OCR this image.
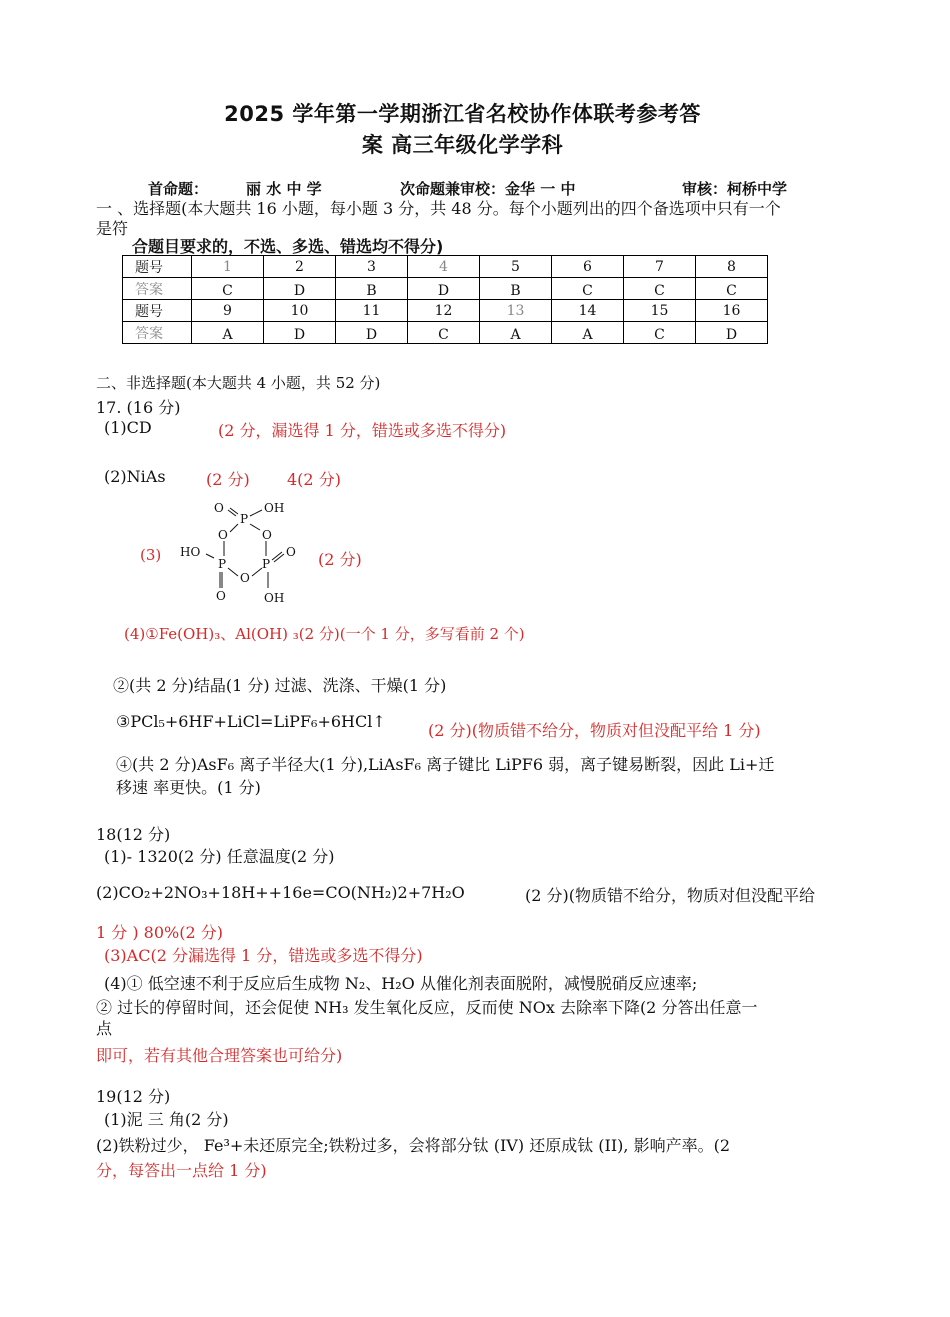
2025 学年第一学期浙江省名校协作体联考参考答
案 高三年级化学学科
首命题：	丽 水 中 学	次命题兼审校：金华 一 中	审核：柯桥中学
一 、选择题(本大题共 16 小题，每小题 3 分，共 48 分。每个小题列出的四个备选项中只有一个
是符
合题目要求的，不选、多选、错选均不得分)
题号	1	2	3	4	5	6	7	8
答案	C	D	B	D	B	C	C	C
题号	9	10	11	12	13	14	15	16
答案	A	D	D	C	A	A	C	D
二、非选择题(本大题共 4 小题，共 52 分)
17. (16 分)
(1)CD	(2 分，漏选得 1 分，错选或多选不得分)
(2)NiAs	(2 分) 4(2 分)
(3)
O
P
OH
O	O
HO
P	P
O
O
O	OH
(2 分)
(4)①Fe(OH)₃、Al(OH) ₃(2 分)(一个 1 分，多写看前 2 个)
②(共 2 分)结晶(1 分) 过滤、洗涤、干燥(1 分)
③PCl₅+6HF+LiCl=LiPF₆+6HCl↑	(2 分)(物质错不给分，物质对但没配平给 1 分)
④(共 2 分)AsF₆ 离子半径大(1 分),LiAsF₆ 离子键比 LiPF6 弱，离子键易断裂，因此 Li+迁
移速 率更快。(1 分)
18(12 分)
(1)- 1320(2 分) 任意温度(2 分)
(2)CO₂+2NO₃+18H++16e=CO(NH₂)2+7H₂O	(2 分)(物质错不给分，物质对但没配平给
1 分 ) 80%(2 分)
(3)AC(2 分漏选得 1 分，错选或多选不得分)
(4)① 低空速不利于反应后生成物 N₂、H₂O 从催化剂表面脱附，减慢脱硝反应速率;
② 过长的停留时间，还会促使 NH₃ 发生氧化反应，反而使 NOx 去除率下降(2 分答出任意一
点
即可，若有其他合理答案也可给分)
19(12 分)
(1)泥 三 角(2 分)
(2)铁粉过少， Fe³+未还原完全;铁粉过多，会将部分钛 (IV) 还原成钛 (II), 影响产率。(2
分，每答出一点给 1 分)
